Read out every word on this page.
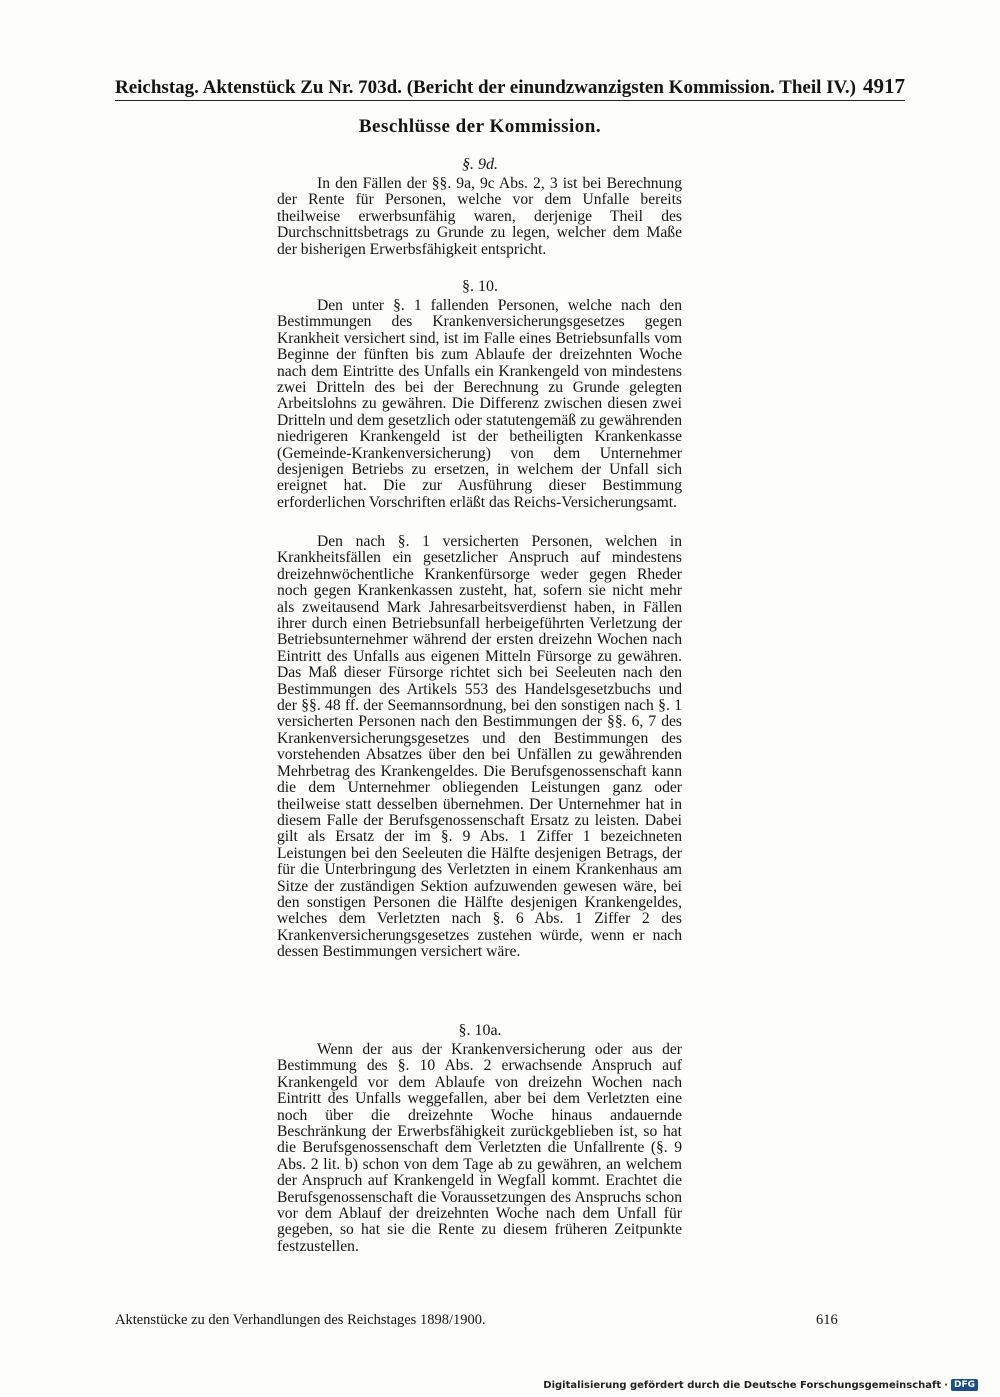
Reichstag. Aktenstück Zu Nr. 703d. (Bericht der einundzwanzigsten Kommission. Theil IV.) 4917
Beschlüsse der Kommission.
§. 9d.

In den Fällen der §§. 9a, 9c Abs. 2, 3 ist bei Berechnung der Rente für Personen, welche vor dem Unfalle bereits theilweise erwerbsunfähig waren, derjenige Theil des Durchschnittsbetrags zu Grunde zu legen, welcher dem Maße der bisherigen Erwerbsfähigkeit entspricht.

§. 10.

Den unter §. 1 fallenden Personen, welche nach den Bestimmungen des Krankenversicherungsgesetzes gegen Krankheit versichert sind, ist im Falle eines Betriebsunfalls vom Beginne der fünften bis zum Ablaufe der dreizehnten Woche nach dem Eintritte des Unfalls ein Krankengeld von mindestens zwei Dritteln des bei der Berechnung zu Grunde gelegten Arbeitslohns zu gewähren. Die Differenz zwischen diesen zwei Dritteln und dem gesetzlich oder statutengemäß zu gewährenden niedrigeren Krankengeld ist der betheiligten Krankenkasse (Gemeinde-Krankenversicherung) von dem Unternehmer desjenigen Betriebs zu ersetzen, in welchem der Unfall sich ereignet hat. Die zur Ausführung dieser Bestimmung erforderlichen Vorschriften erläßt das Reichs-Versicherungsamt.

Den nach §. 1 versicherten Personen, welchen in Krankheitsfällen ein gesetzlicher Anspruch auf mindestens dreizehnwöchentliche Krankenfürsorge weder gegen Rheder noch gegen Krankenkassen zusteht, hat, sofern sie nicht mehr als zweitausend Mark Jahresarbeitsverdienst haben, in Fällen ihrer durch einen Betriebsunfall herbeigeführten Verletzung der Betriebsunternehmer während der ersten dreizehn Wochen nach Eintritt des Unfalls aus eigenen Mitteln Fürsorge zu gewähren. Das Maß dieser Fürsorge richtet sich bei Seeleuten nach den Bestimmungen des Artikels 553 des Handelsgesetzbuchs und der §§. 48 ff. der Seemannsordnung, bei den sonstigen nach §. 1 versicherten Personen nach den Bestimmungen der §§. 6, 7 des Krankenversicherungsgesetzes und den Bestimmungen des vorstehenden Absatzes über den bei Unfällen zu gewährenden Mehrbetrag des Krankengeldes. Die Berufsgenossenschaft kann die dem Unternehmer obliegenden Leistungen ganz oder theilweise statt desselben übernehmen. Der Unternehmer hat in diesem Falle der Berufsgenossenschaft Ersatz zu leisten. Dabei gilt als Ersatz der im §. 9 Abs. 1 Ziffer 1 bezeichneten Leistungen bei den Seeleuten die Hälfte desjenigen Betrags, der für die Unterbringung des Verletzten in einem Krankenhaus am Sitze der zuständigen Sektion aufzuwenden gewesen wäre, bei den sonstigen Personen die Hälfte desjenigen Krankengeldes, welches dem Verletzten nach §. 6 Abs. 1 Ziffer 2 des Krankenversicherungsgesetzes zustehen würde, wenn er nach dessen Bestimmungen versichert wäre.

§. 10a.

Wenn der aus der Krankenversicherung oder aus der Bestimmung des §. 10 Abs. 2 erwachsende Anspruch auf Krankengeld vor dem Ablaufe von dreizehn Wochen nach Eintritt des Unfalls weggefallen, aber bei dem Verletzten eine noch über die dreizehnte Woche hinaus andauernde Beschränkung der Erwerbsfähigkeit zurückgeblieben ist, so hat die Berufsgenossenschaft dem Verletzten die Unfallrente (§. 9 Abs. 2 lit. b) schon von dem Tage ab zu gewähren, an welchem der Anspruch auf Krankengeld in Wegfall kommt. Erachtet die Berufsgenossenschaft die Voraussetzungen des Anspruchs schon vor dem Ablauf der dreizehnten Woche nach dem Unfall für gegeben, so hat sie die Rente zu diesem früheren Zeitpunkte festzustellen.

Aktenstücke zu den Verhandlungen des Reichstages 1898/1900.	616
Digitalisierung gefördert durch die Deutsche Forschungsgemeinschaft · DFG
